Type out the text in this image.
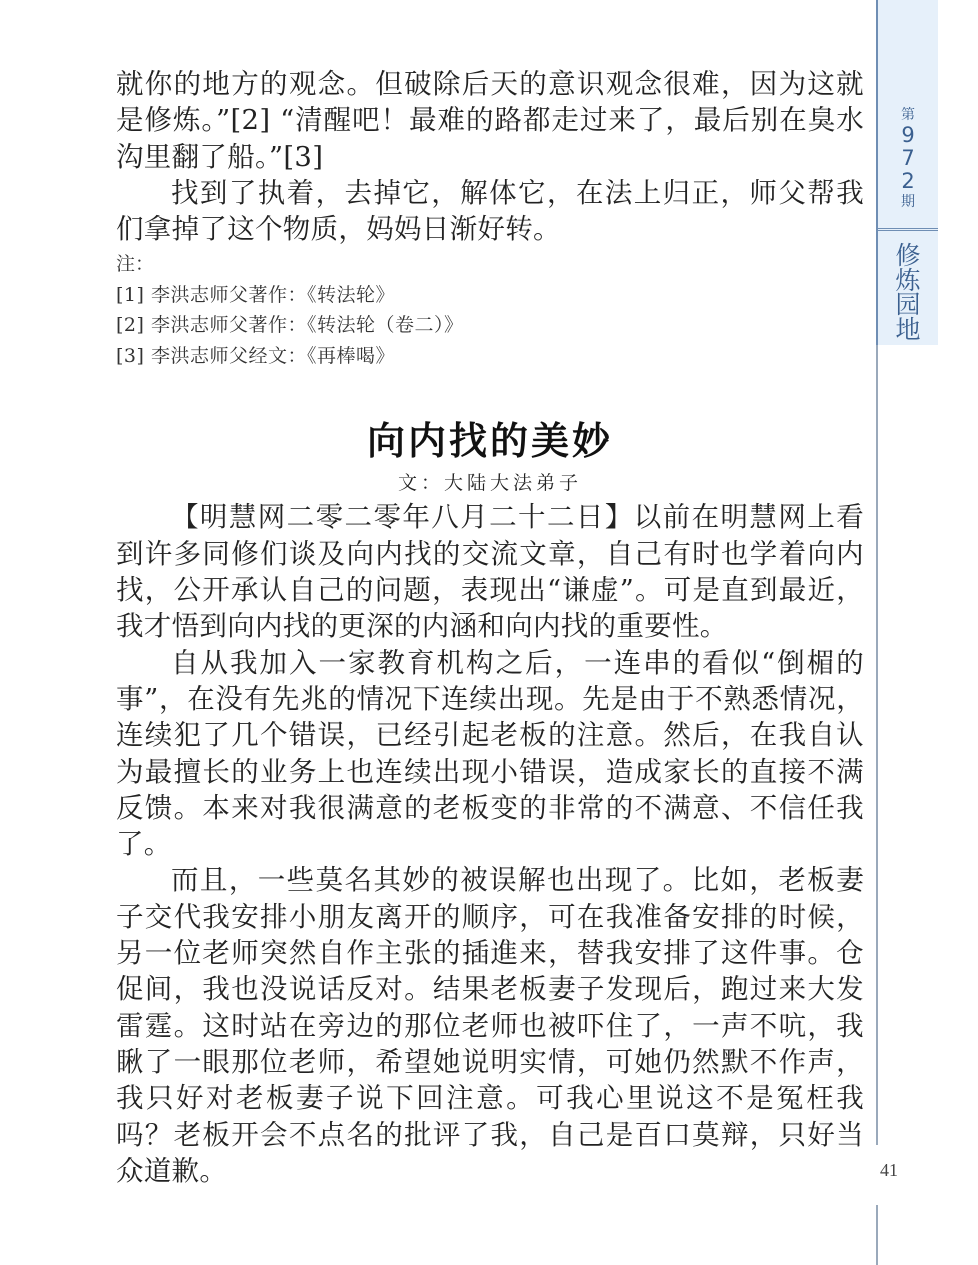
第
9
7
2
期
修
炼
园
地
41

就你的地方的观念。但破除后天的意识观念很难，因为这就是修炼。”[2] “清醒吧！最难的路都走过来了，最后别在臭水沟里翻了船。”[3]

找到了执着，去掉它，解体它，在法上归正，师父帮我们拿掉了这个物质，妈妈日渐好转。

注：

[1] 李洪志师父著作：《转法轮》

[2] 李洪志师父著作：《转法轮（卷二）》

[3] 李洪志师父经文：《再棒喝》

向内找的美妙

文：大陆大法弟子

【明慧网二零二零年八月二十二日】以前在明慧网上看到许多同修们谈及向内找的交流文章，自己有时也学着向内找，公开承认自己的问题，表现出“谦虚”。可是直到最近，我才悟到向内找的更深的内涵和向内找的重要性。

自从我加入一家教育机构之后，一连串的看似“倒楣的事”，在没有先兆的情况下连续出现。先是由于不熟悉情况，连续犯了几个错误，已经引起老板的注意。然后，在我自认为最擅长的业务上也连续出现小错误，造成家长的直接不满反馈。本来对我很满意的老板变的非常的不满意、不信任我了。

而且，一些莫名其妙的被误解也出现了。比如，老板妻子交代我安排小朋友离开的顺序，可在我准备安排的时候，另一位老师突然自作主张的插進来，替我安排了这件事。仓促间，我也没说话反对。结果老板妻子发现后，跑过来大发雷霆。这时站在旁边的那位老师也被吓住了，一声不吭，我瞅了一眼那位老师，希望她说明实情，可她仍然默不作声，我只好对老板妻子说下回注意。可我心里说这不是冤枉我吗？老板开会不点名的批评了我，自己是百口莫辩，只好当众道歉。
